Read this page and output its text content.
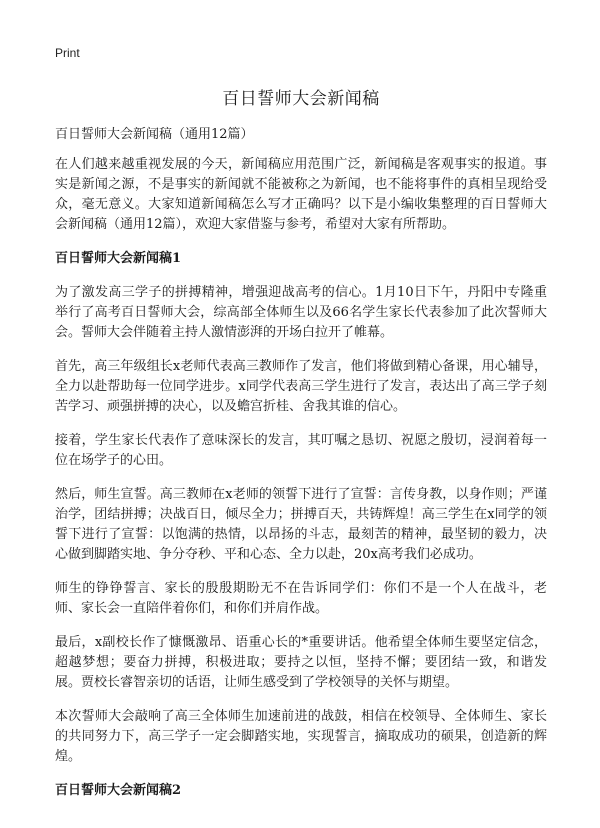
Print
百日誓师大会新闻稿
百日誓师大会新闻稿（通用12篇）

在人们越来越重视发展的今天，新闻稿应用范围广泛，新闻稿是客观事实的报道。事实是新闻之源，不是事实的新闻就不能被称之为新闻，也不能将事件的真相呈现给受众，毫无意义。大家知道新闻稿怎么写才正确吗？以下是小编收集整理的百日誓师大会新闻稿（通用12篇），欢迎大家借鉴与参考，希望对大家有所帮助。

百日誓师大会新闻稿1

为了激发高三学子的拼搏精神，增强迎战高考的信心。1月10日下午，丹阳中专隆重举行了高考百日誓师大会，综高部全体师生以及66名学生家长代表参加了此次誓师大会。誓师大会伴随着主持人激情澎湃的开场白拉开了帷幕。

首先，高三年级组长x老师代表高三教师作了发言，他们将做到精心备课，用心辅导，全力以赴帮助每一位同学进步。x同学代表高三学生进行了发言，表达出了高三学子刻苦学习、顽强拼搏的决心，以及蟾宫折桂、舍我其谁的信心。

接着，学生家长代表作了意味深长的发言，其叮嘱之恳切、祝愿之殷切，浸润着每一位在场学子的心田。

然后，师生宣誓。高三教师在x老师的领誓下进行了宣誓：言传身教，以身作则；严谨治学，团结拼搏；决战百日，倾尽全力；拼搏百天，共铸辉煌！高三学生在x同学的领誓下进行了宣誓：以饱满的热情，以昂扬的斗志，最刻苦的精神，最坚韧的毅力，决心做到脚踏实地、争分夺秒、平和心态、全力以赴，20x高考我们必成功。

师生的铮铮誓言、家长的殷殷期盼无不在告诉同学们：你们不是一个人在战斗，老师、家长会一直陪伴着你们，和你们并肩作战。

最后，x副校长作了慷慨激昂、语重心长的*重要讲话。他希望全体师生要坚定信念，超越梦想；要奋力拼搏，积极进取；要持之以恒，坚持不懈；要团结一致，和谐发展。贾校长睿智亲切的话语，让师生感受到了学校领导的关怀与期望。

本次誓师大会敲响了高三全体师生加速前进的战鼓，相信在校领导、全体师生、家长的共同努力下，高三学子一定会脚踏实地，实现誓言，摘取成功的硕果，创造新的辉煌。

百日誓师大会新闻稿2
